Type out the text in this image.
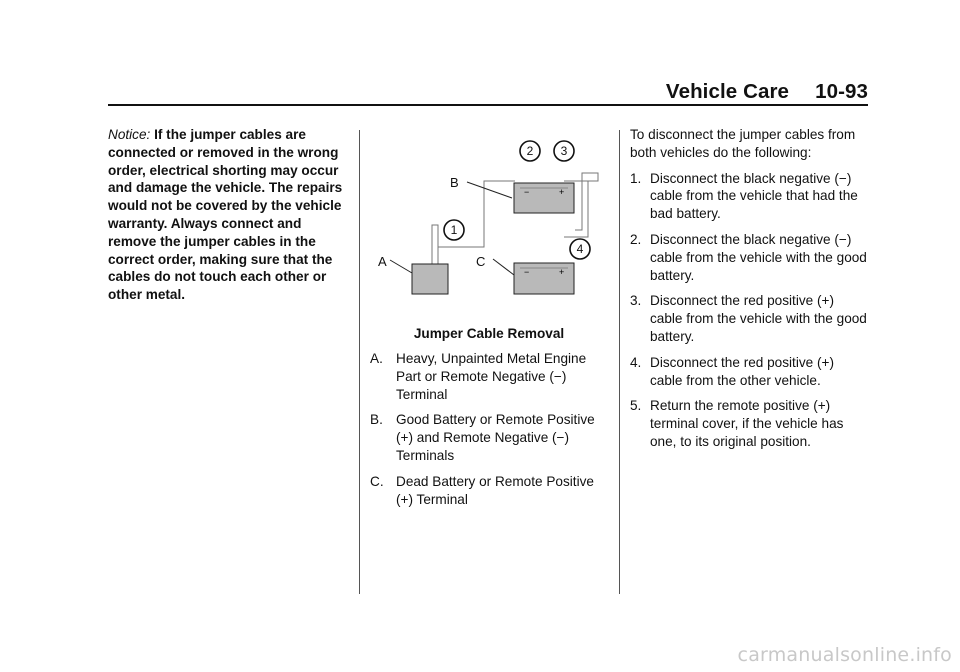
Vehicle Care 10-93
Notice: If the jumper cables are connected or removed in the wrong order, electrical shorting may occur and damage the vehicle. The repairs would not be covered by the vehicle warranty. Always connect and remove the jumper cables in the correct order, making sure that the cables do not touch each other or other metal.
−	+
−	+
B
A	C
1
2 3
4
Jumper Cable Removal
A. Heavy, Unpainted Metal Engine Part or Remote Negative (−) Terminal
B. Good Battery or Remote Positive (+) and Remote Negative (−) Terminals
C. Dead Battery or Remote Positive (+) Terminal
To disconnect the jumper cables from both vehicles do the following:
1. Disconnect the black negative (−) cable from the vehicle that had the bad battery.
2. Disconnect the black negative (−) cable from the vehicle with the good battery.
3. Disconnect the red positive (+) cable from the vehicle with the good battery.
4. Disconnect the red positive (+) cable from the other vehicle.
5. Return the remote positive (+) terminal cover, if the vehicle has one, to its original position.
carmanualsonline.info
